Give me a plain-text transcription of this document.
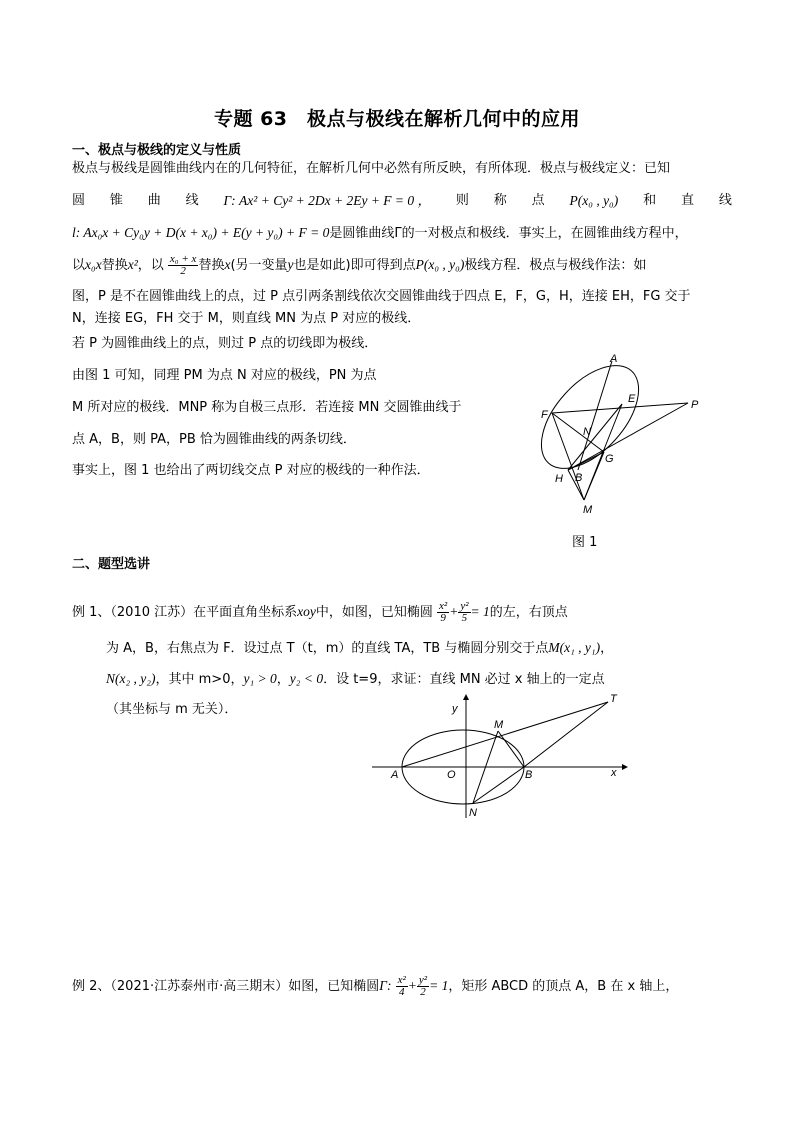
专题 63　极点与极线在解析几何中的应用
一、极点与极线的定义与性质
极点与极线是圆锥曲线内在的几何特征，在解析几何中必然有所反映，有所体现．极点与极线定义：已知
圆 锥 曲 线 Γ: Ax² + Cy² + 2Dx + 2Ey + F = 0 ， 则 称 点 P(x₀ , y₀) 和 直 线
l: Ax₀x + Cy₀y + D(x + x₀) + E(y + y₀) + F = 0是圆锥曲线Γ的一对极点和极线．事实上，在圆锥曲线方程中，
以x₀x替换x²，以 $\frac{\text{x₀ + x}}{2}$ 替换x(另一变量y也是如此)即可得到点P(x₀ , y₀)极线方程．极点与极线作法：如
图，P 是不在圆锥曲线上的点，过 P 点引两条割线依次交圆锥曲线于四点 E，F，G，H，连接 EH，FG 交于
N，连接 EG，FH 交于 M，则直线 MN 为点 P 对应的极线．
若 P 为圆锥曲线上的点，则过 P 点的切线即为极线．
由图 1 可知，同理 PM 为点 N 对应的极线，PN 为点
M 所对应的极线．MNP 称为自极三点形．若连接 MN 交圆锥曲线于
点 A，B，则 PA，PB 恰为圆锥曲线的两条切线．
事实上，图 1 也给出了两切线交点 P 对应的极线的一种作法．
A
E	P
F
N
G
H B
M
图 1
二、题型选讲
例 1、（2010 江苏）在平面直角坐标系xoy中，如图，已知椭圆 $\frac{\text{x²}}{9} + \frac{\text{y²}}{5} = 1$的左，右顶点
为 A，B，右焦点为 F．设过点 T（t，m）的直线 TA，TB 与椭圆分别交于点M(x₁ , y₁)，
N(x₂ , y₂)，其中 m>0，y₁ > 0，y₂ < 0．设 t=9，求证：直线 MN 必过 x 轴上的一定点
（其坐标与 m 无关）．	y
x
O
A	B
M
N
T
例 2、（2021·江苏泰州市·高三期末）如图，已知椭圆Γ: $\frac{\text{x²}}{4} + \frac{\text{y²}}{2} = 1$，矩形 ABCD 的顶点 A，B 在 x 轴上，
